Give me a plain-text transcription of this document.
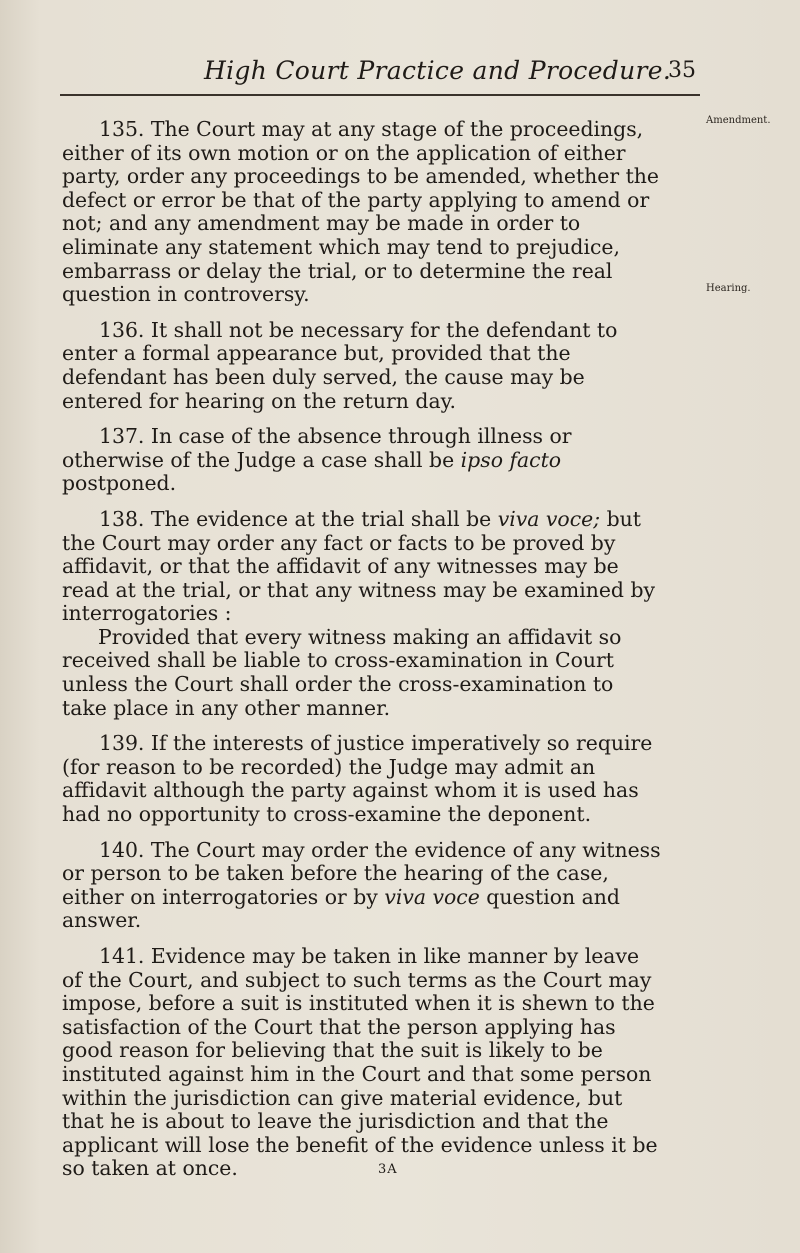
High Court Practice and Procedure.
35
Amendment.
Hearing.

135. The Court may at any stage of the proceedings, either of its own motion or on the application of either party, order any proceedings to be amended, whether the defect or error be that of the party applying to amend or not; and any amendment may be made in order to eliminate any statement which may tend to prejudice, embarrass or delay the trial, or to determine the real question in controversy.

136. It shall not be necessary for the defendant to enter a formal appearance but, provided that the defendant has been duly served, the cause may be entered for hearing on the return day.

137. In case of the absence through illness or otherwise of the Judge a case shall be ipso facto postponed.

138. The evidence at the trial shall be viva voce; but the Court may order any fact or facts to be proved by affidavit, or that the affidavit of any witnesses may be read at the trial, or that any witness may be examined by interrogatories :

Provided that every witness making an affidavit so received shall be liable to cross-examination in Court unless the Court shall order the cross-examination to take place in any other manner.

139. If the interests of justice imperatively so require (for reason to be recorded) the Judge may admit an affidavit although the party against whom it is used has had no opportunity to cross-examine the deponent.

140. The Court may order the evidence of any witness or person to be taken before the hearing of the case, either on interrogatories or by viva voce question and answer.

141. Evidence may be taken in like manner by leave of the Court, and subject to such terms as the Court may impose, before a suit is instituted when it is shewn to the satisfaction of the Court that the person applying has good reason for believing that the suit is likely to be instituted against him in the Court and that some person within the jurisdiction can give material evidence, but that he is about to leave the jurisdiction and that the applicant will lose the benefit of the evidence unless it be so taken at once.	3A
